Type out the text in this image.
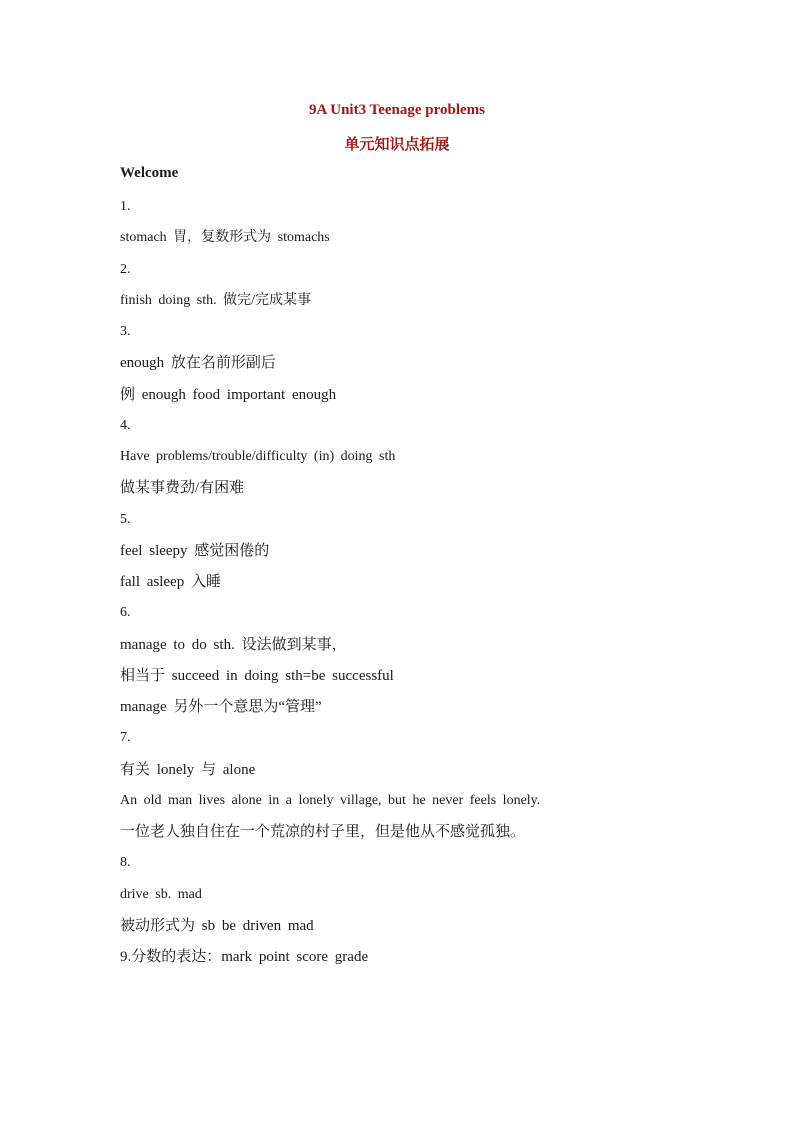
9A Unit3 Teenage problems
单元知识点拓展
Welcome
1.
stomach 胃，复数形式为 stomachs
2.
finish doing sth. 做完/完成某事
3.
enough 放在名前形副后
例 enough food important enough
4.
Have problems/trouble/difficulty (in) doing sth
做某事费劲/有困难
5.
feel sleepy 感觉困倦的
fall asleep 入睡
6.
manage to do sth. 设法做到某事，
相当于 succeed in doing sth=be successful
manage 另外一个意思为“管理”
7.
有关 lonely 与 alone
An old man lives alone in a lonely village, but he never feels lonely.
一位老人独自住在一个荒凉的村子里，但是他从不感觉孤独。
8.
drive sb. mad
被动形式为 sb be driven mad
9.分数的表达：mark point score grade
